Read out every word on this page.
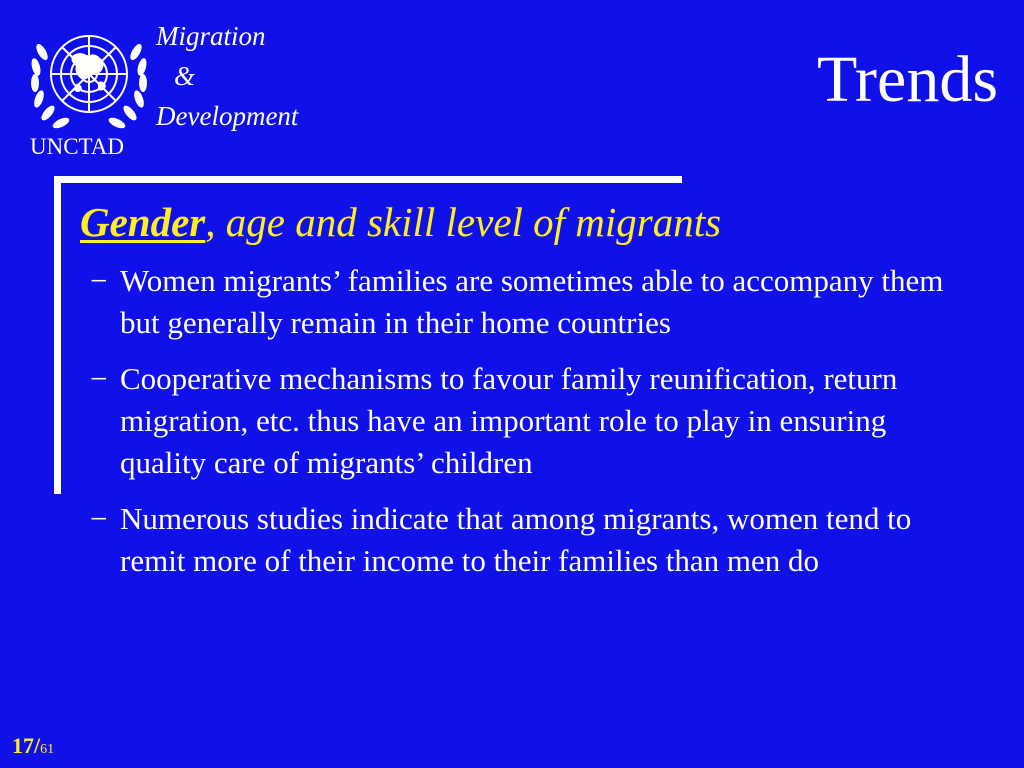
UNCTAD
Migration
&
Development	Trends
Gender, age and skill level of migrants
− Women migrants’ families are sometimes able to accompany them but generally remain in their home countries
− Cooperative mechanisms to favour family reunification, return migration, etc. thus have an important role to play in ensuring quality care of migrants’ children
− Numerous studies indicate that among migrants, women tend to remit more of their income to their families than men do
17/61
